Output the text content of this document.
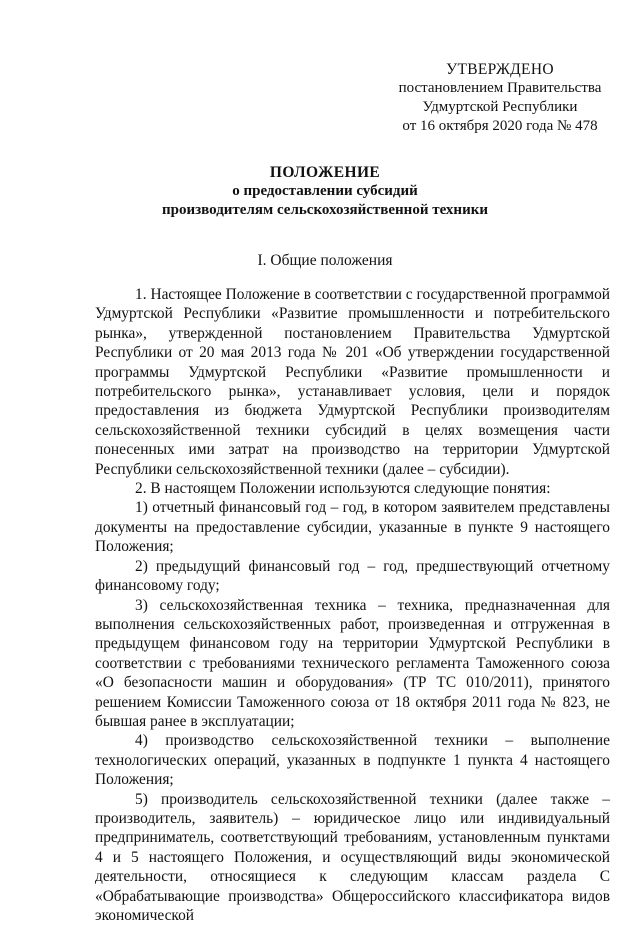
УТВЕРЖДЕНО
постановлением Правительства
Удмуртской Республики
от 16 октября 2020 года № 478
ПОЛОЖЕНИЕ
о предоставлении субсидий
производителям сельскохозяйственной техники
I. Общие положения

1. Настоящее Положение в соответствии с государственной программой Удмуртской Республики «Развитие промышленности и потребительского рынка», утвержденной постановлением Правительства Удмуртской Республики от 20 мая 2013 года № 201 «Об утверждении государственной программы Удмуртской Республики «Развитие промышленности и потребительского рынка», устанавливает условия, цели и порядок предоставления из бюджета Удмуртской Республики производителям сельскохозяйственной техники субсидий в целях возмещения части понесенных ими затрат на производство на территории Удмуртской Республики сельскохозяйственной техники (далее – субсидии).

2. В настоящем Положении используются следующие понятия:

1) отчетный финансовый год – год, в котором заявителем представлены документы на предоставление субсидии, указанные в пункте 9 настоящего Положения;

2) предыдущий финансовый год – год, предшествующий отчетному финансовому году;

3) сельскохозяйственная техника – техника, предназначенная для выполнения сельскохозяйственных работ, произведенная и отгруженная в предыдущем финансовом году на территории Удмуртской Республики в соответствии с требованиями технического регламента Таможенного союза «О безопасности машин и оборудования» (ТР ТС 010/2011), принятого решением Комиссии Таможенного союза от 18 октября 2011 года № 823, не бывшая ранее в эксплуатации;

4) производство сельскохозяйственной техники – выполнение технологических операций, указанных в подпункте 1 пункта 4 настоящего Положения;

5) производитель сельскохозяйственной техники (далее также – производитель, заявитель) – юридическое лицо или индивидуальный предприниматель, соответствующий требованиям, установленным пунктами 4 и 5 настоящего Положения, и осуществляющий виды экономической деятельности, относящиеся к следующим классам раздела С «Обрабатывающие производства» Общероссийского классификатора видов экономической
